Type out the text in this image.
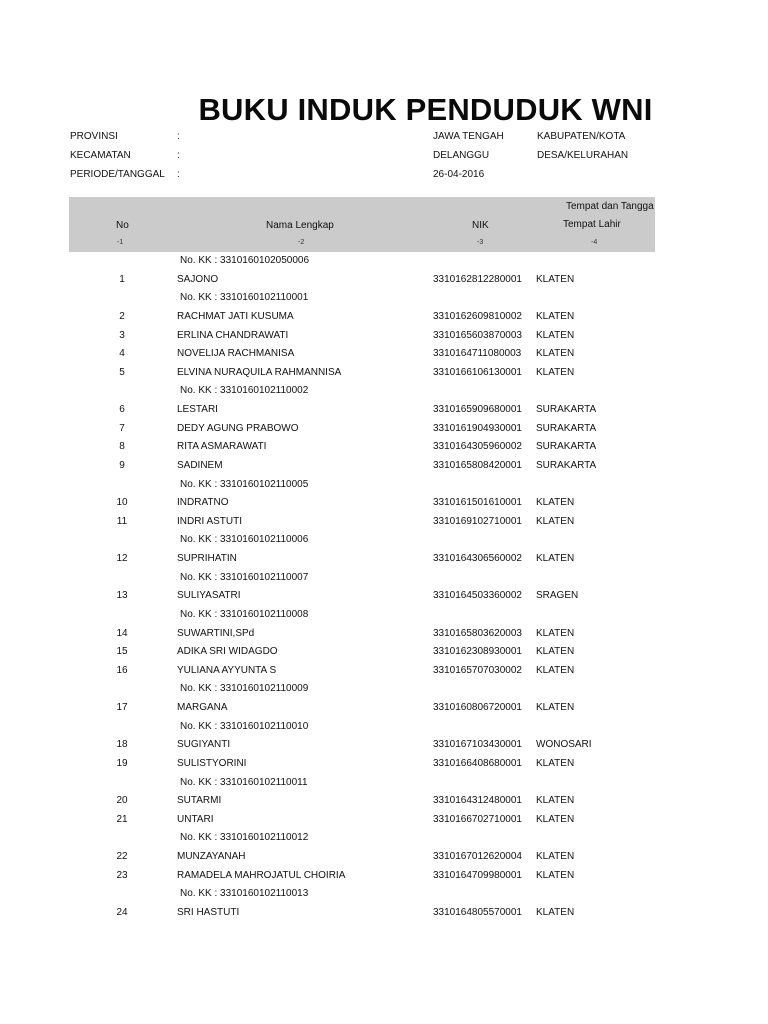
BUKU INDUK PENDUDUK WNI
PROVINSI	:	JAWA TENGAH	KABUPATEN/KOTA
KECAMATAN	:	DELANGGU	DESA/KELURAHAN
PERIODE/TANGGAL :	26-04-2016
No	Nama Lengkap	NIK
Tempat dan Tangga
Tempat Lahir
-1	-2	-3	-4
No. KK : 3310160102050006
1	SAJONO	3310162812280001 KLATEN
No. KK : 3310160102110001
2	RACHMAT JATI KUSUMA	3310162609810002 KLATEN
3	ERLINA CHANDRAWATI	3310165603870003 KLATEN
4	NOVELIJA RACHMANISA	3310164711080003 KLATEN
5	ELVINA NURAQUILA RAHMANNISA	3310166106130001 KLATEN
No. KK : 3310160102110002
6	LESTARI	3310165909680001 SURAKARTA
7	DEDY AGUNG PRABOWO	3310161904930001 SURAKARTA
8	RITA ASMARAWATI	3310164305960002 SURAKARTA
9	SADINEM	3310165808420001 SURAKARTA
No. KK : 3310160102110005
10	INDRATNO	3310161501610001 KLATEN
11	INDRI ASTUTI	3310169102710001 KLATEN
No. KK : 3310160102110006
12	SUPRIHATIN	3310164306560002 KLATEN
No. KK : 3310160102110007
13	SULIYASATRI	3310164503360002 SRAGEN
No. KK : 3310160102110008
14	SUWARTINI,SPd	3310165803620003 KLATEN
15	ADIKA SRI WIDAGDO	3310162308930001 KLATEN
16	YULIANA AYYUNTA S	3310165707030002 KLATEN
No. KK : 3310160102110009
17	MARGANA	3310160806720001 KLATEN
No. KK : 3310160102110010
18	SUGIYANTI	3310167103430001 WONOSARI
19	SULISTYORINI	3310166408680001 KLATEN
No. KK : 3310160102110011
20	SUTARMI	3310164312480001 KLATEN
21	UNTARI	3310166702710001 KLATEN
No. KK : 3310160102110012
22	MUNZAYANAH	3310167012620004 KLATEN
23	RAMADELA MAHROJATUL CHOIRIA	3310164709980001 KLATEN
No. KK : 3310160102110013
24	SRI HASTUTI	3310164805570001 KLATEN
